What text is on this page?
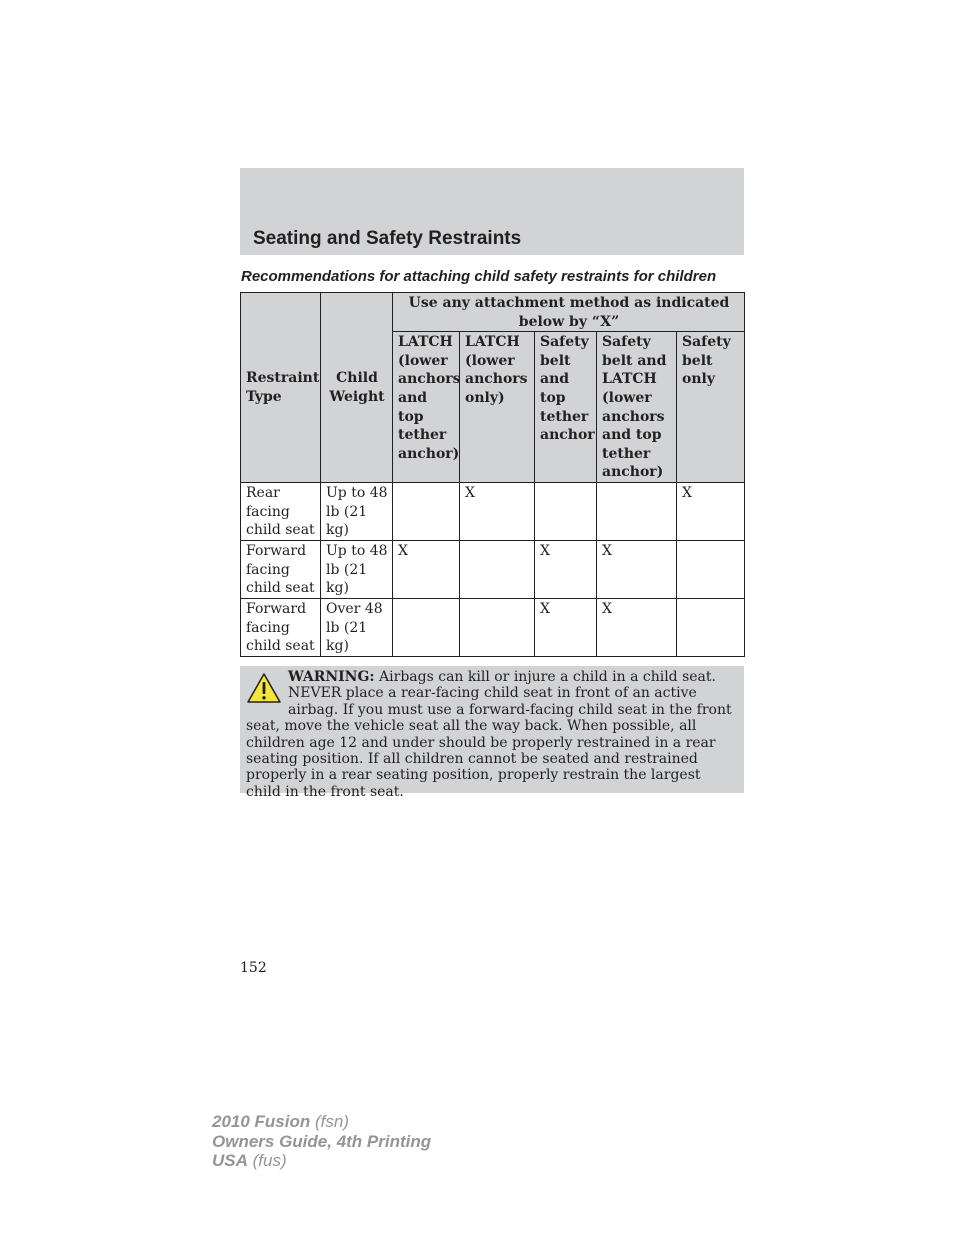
Seating and Safety Restraints
Recommendations for attaching child safety restraints for children
Restraint Type	Child Weight	Use any attachment method as indicated below by “X”				
		LATCH (lower anchors and top tether anchor)	LATCH (lower anchors only)	Safety belt and top tether anchor	Safety belt and LATCH (lower anchors and top tether anchor)	Safety belt only
Rear facing child seat	Up to 48 lb (21 kg)		X			X
Forward facing child seat	Up to 48 lb (21 kg)	X		X	X	
Forward facing child seat	Over 48 lb (21 kg)			X	X	
WARNING: Airbags can kill or injure a child in a child seat. NEVER place a rear-facing child seat in front of an active airbag. If you must use a forward-facing child seat in the front seat, move the vehicle seat all the way back. When possible, all children age 12 and under should be properly restrained in a rear seating position. If all children cannot be seated and restrained properly in a rear seating position, properly restrain the largest child in the front seat.
152
2010 Fusion (fsn)
Owners Guide, 4th Printing
USA (fus)
